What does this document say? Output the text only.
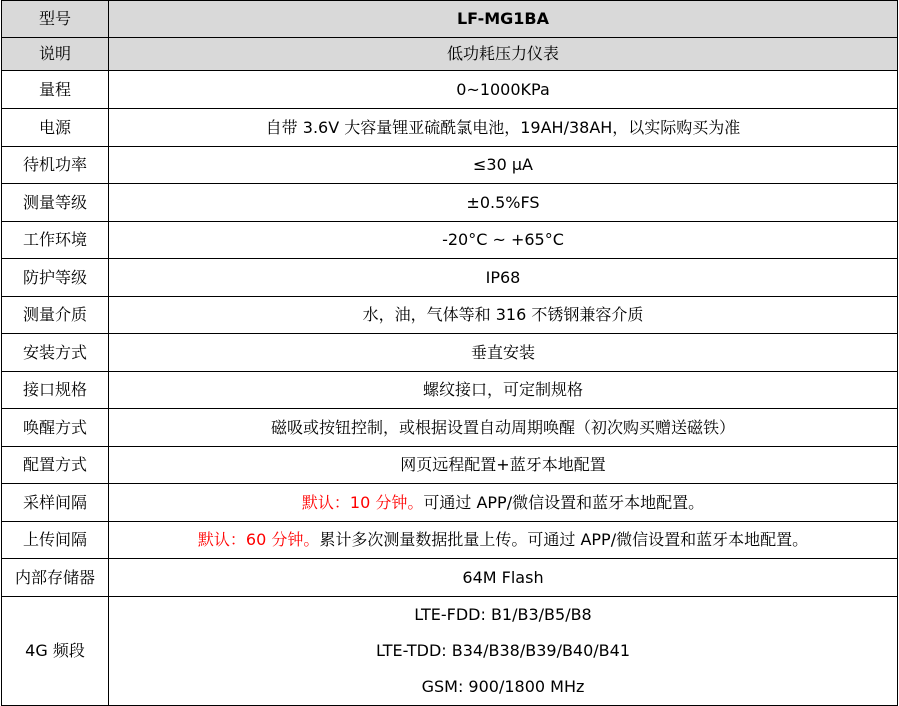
型号	LF-MG1BA
说明	低功耗压力仪表
量程	0~1000KPa
电源	自带 3.6V 大容量锂亚硫酰氯电池，19AH/38AH，以实际购买为准
待机功率	≤30 μA
测量等级	±0.5%FS
工作环境	-20°C ~ +65°C
防护等级	IP68
测量介质	水，油，气体等和 316 不锈钢兼容介质
安装方式	垂直安装
接口规格	螺纹接口，可定制规格
唤醒方式	磁吸或按钮控制，或根据设置自动周期唤醒（初次购买赠送磁铁）
配置方式	网页远程配置+蓝牙本地配置
采样间隔	默认：10 分钟。可通过 APP/微信设置和蓝牙本地配置。
上传间隔	默认：60 分钟。累计多次测量数据批量上传。可通过 APP/微信设置和蓝牙本地配置。
内部存储器	64M Flash
4G 频段	LTE-FDD: B1/B3/B5/B8
LTE-TDD: B34/B38/B39/B40/B41
GSM: 900/1800 MHz
